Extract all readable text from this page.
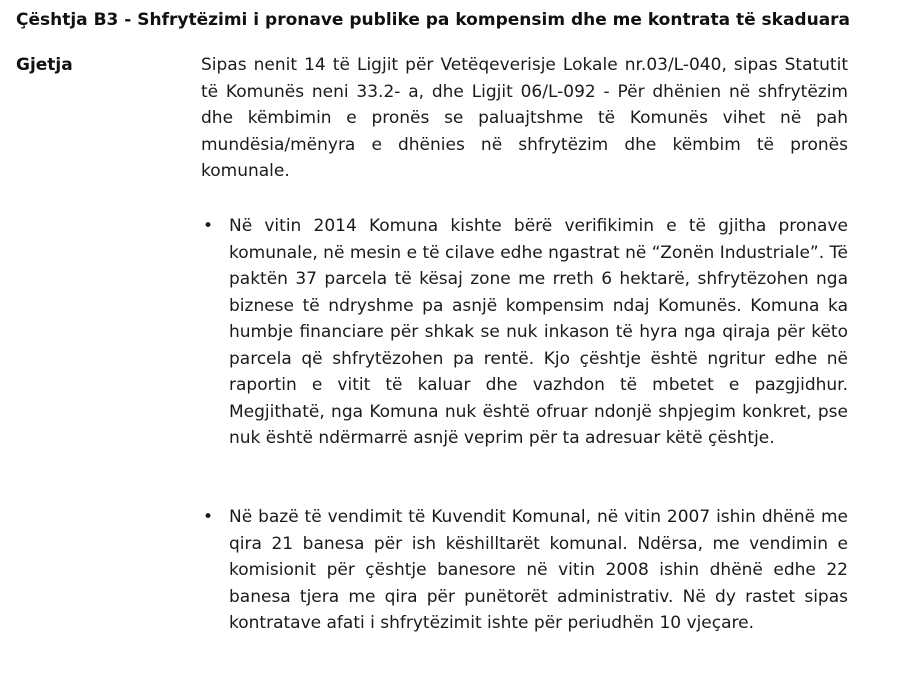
Çështja B3 - Shfrytëzimi i pronave publike pa kompensim dhe me kontrata të skaduara
Gjetja	Sipas nenit 14 të Ligjit për Vetëqeverisje Lokale nr.03/L-040, sipas Statutit të Komunës neni 33.2- a, dhe Ligjit 06/L-092 - Për dhënien në shfrytëzim dhe këmbimin e pronës se paluajtshme të Komunës vihet në pah mundësia/mënyra e dhënies në shfrytëzim dhe këmbim të pronës komunale.
• Në vitin 2014 Komuna kishte bërë verifikimin e të gjitha pronave komunale, në mesin e të cilave edhe ngastrat në “Zonën Industriale”. Të paktën 37 parcela të kësaj zone me rreth 6 hektarë, shfrytëzohen nga biznese të ndryshme pa asnjë kompensim ndaj Komunës. Komuna ka humbje financiare për shkak se nuk inkason të hyra nga qiraja për këto parcela që shfrytëzohen pa rentë. Kjo çështje është ngritur edhe në raportin e vitit të kaluar dhe vazhdon të mbetet e pazgjidhur. Megjithatë, nga Komuna nuk është ofruar ndonjë shpjegim konkret, pse nuk është ndërmarrë asnjë veprim për ta adresuar këtë çështje.
• Në bazë të vendimit të Kuvendit Komunal, në vitin 2007 ishin dhënë me qira 21 banesa për ish këshilltarët komunal. Ndërsa, me vendimin e komisionit për çështje banesore në vitin 2008 ishin dhënë edhe 22 banesa tjera me qira për punëtorët administrativ. Në dy rastet sipas kontratave afati i shfrytëzimit ishte për periudhën 10 vjeçare.
